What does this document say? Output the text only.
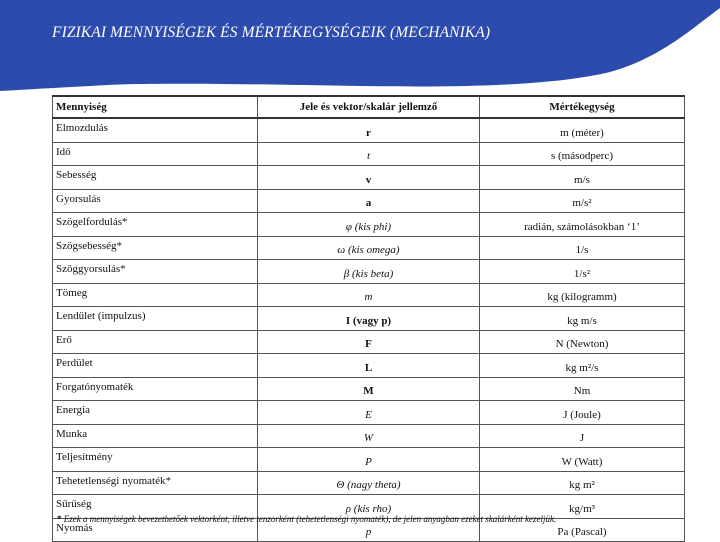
FIZIKAI MENNYISÉGEK ÉS MÉRTÉKEGYSÉGEIK (MECHANIKA)
Mennyiség	Jele és vektor/skalár jellemző	Mértékegység
Elmozdulás	r	m (méter)
Idő	t	s (másodperc)
Sebesség	v	m/s
Gyorsulás	a	m/s²
Szögelfordulás*	φ (kis phi)	radián, számolásokban ‘1’
Szögsebesség*	ω (kis omega)	1/s
Szöggyorsulás*	β (kis beta)	1/s²
Tömeg	m	kg (kilogramm)
Lendület (impulzus)	I (vagy p)	kg m/s
Erő	F	N (Newton)
Perdület	L	kg m²/s
Forgatónyomaték	M	Nm
Energia	E	J (Joule)
Munka	W	J
Teljesítmény	P	W (Watt)
Tehetetlenségi nyomaték*	Θ (nagy theta)	kg m²
Sűrűség	ρ (kis rho)	kg/m³
Nyomás	p	Pa (Pascal)
* Ezek a mennyiségek bevezethetőek vektorként, illetve tenzorként (tehetetlenségi nyomaték), de jelen anyagban ezeket skalárként kezeljük.
